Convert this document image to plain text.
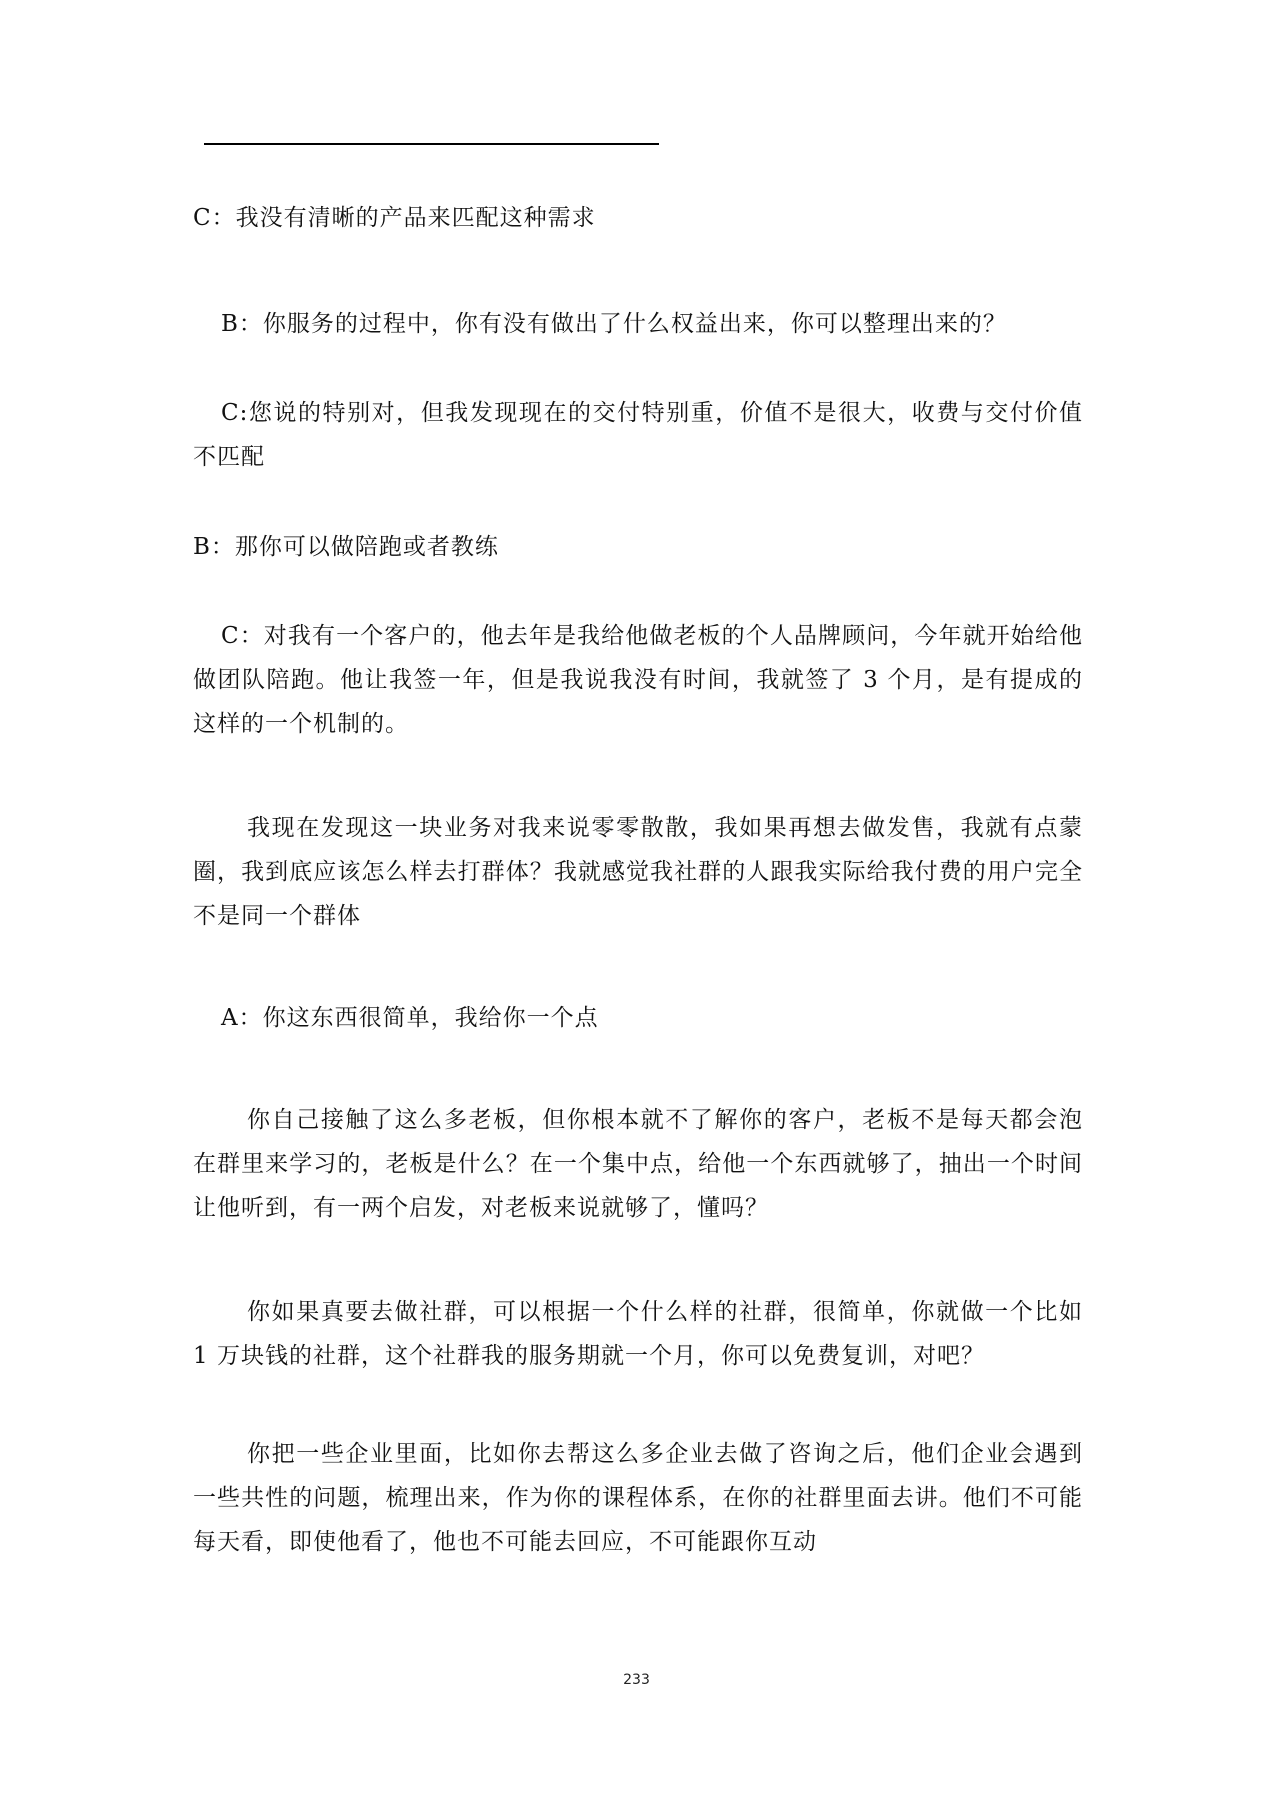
C：我没有清晰的产品来匹配这种需求

B：你服务的过程中，你有没有做出了什么权益出来，你可以整理出来的？

C:您说的特别对，但我发现现在的交付特别重，价值不是很大，收费与交付价值不匹配

B：那你可以做陪跑或者教练

C：对我有一个客户的，他去年是我给他做老板的个人品牌顾问，今年就开始给他做团队陪跑。他让我签一年，但是我说我没有时间，我就签了 3 个月，是有提成的这样的一个机制的。

我现在发现这一块业务对我来说零零散散，我如果再想去做发售，我就有点蒙圈，我到底应该怎么样去打群体？我就感觉我社群的人跟我实际给我付费的用户完全不是同一个群体

A：你这东西很简单，我给你一个点

你自己接触了这么多老板，但你根本就不了解你的客户，老板不是每天都会泡在群里来学习的，老板是什么？在一个集中点，给他一个东西就够了，抽出一个时间让他听到，有一两个启发，对老板来说就够了，懂吗？

你如果真要去做社群，可以根据一个什么样的社群，很简单，你就做一个比如 1 万块钱的社群，这个社群我的服务期就一个月，你可以免费复训，对吧？

你把一些企业里面，比如你去帮这么多企业去做了咨询之后，他们企业会遇到一些共性的问题，梳理出来，作为你的课程体系，在你的社群里面去讲。他们不可能每天看，即使他看了，他也不可能去回应，不可能跟你互动

233
